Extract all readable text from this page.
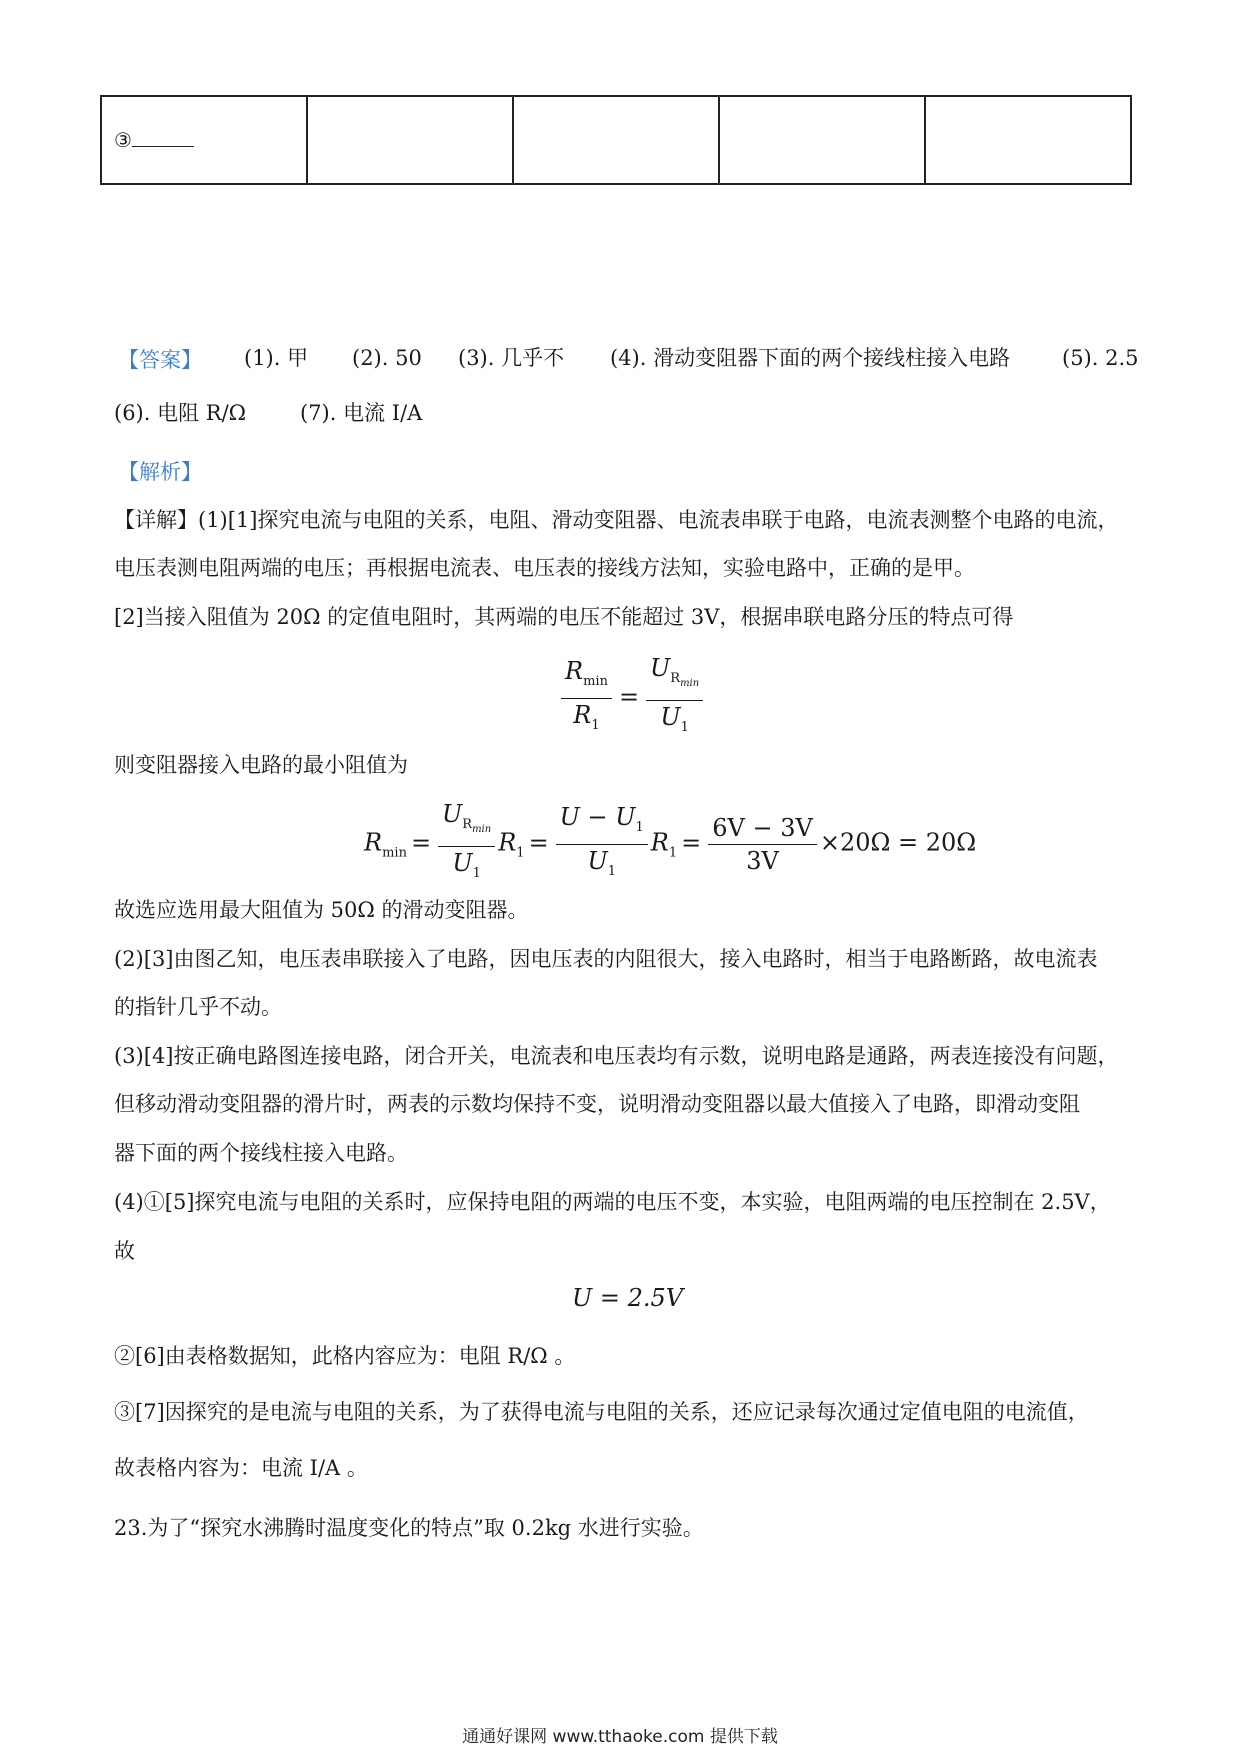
③				
【答案】 (1). 甲 (2). 50 (3). 几乎不 (4). 滑动变阻器下面的两个接线柱接入电路 (5). 2.5
(6). 电阻 R/Ω	(7). 电流 I/A
【解析】
【详解】(1)[1]探究电流与电阻的关系，电阻、滑动变阻器、电流表串联于电路，电流表测整个电路的电流，
电压表测电阻两端的电压；再根据电流表、电压表的接线方法知，实验电路中，正确的是甲。
[2]当接入阻值为 20Ω 的定值电阻时，其两端的电压不能超过 3V，根据串联电路分压的特点可得
$\frac{R_{min}}{R_1} = \frac{U_{R_{min}}}{U_1}$
则变阻器接入电路的最小阻值为
$R_{min} = \frac{U_{R_{min}}}{U_1} R_1 = \frac{U - U_1}{U_1} R_1 = \frac{6V - 3V}{3V} \times 20\Omega = 20\Omega$
故选应选用最大阻值为 50Ω 的滑动变阻器。
(2)[3]由图乙知，电压表串联接入了电路，因电压表的内阻很大，接入电路时，相当于电路断路，故电流表
的指针几乎不动。
(3)[4]按正确电路图连接电路，闭合开关，电流表和电压表均有示数，说明电路是通路，两表连接没有问题，
但移动滑动变阻器的滑片时，两表的示数均保持不变，说明滑动变阻器以最大值接入了电路，即滑动变阻
器下面的两个接线柱接入电路。
(4)①[5]探究电流与电阻的关系时，应保持电阻的两端的电压不变，本实验，电阻两端的电压控制在 2.5V，
故
U = 2.5V
②[6]由表格数据知，此格内容应为：电阻 R/Ω 。
③[7]因探究的是电流与电阻的关系，为了获得电流与电阻的关系，还应记录每次通过定值电阻的电流值，
故表格内容为：电流 I/A 。
23.为了“探究水沸腾时温度变化的特点”取 0.2kg 水进行实验。
通通好课网 www.tthaoke.com 提供下载
